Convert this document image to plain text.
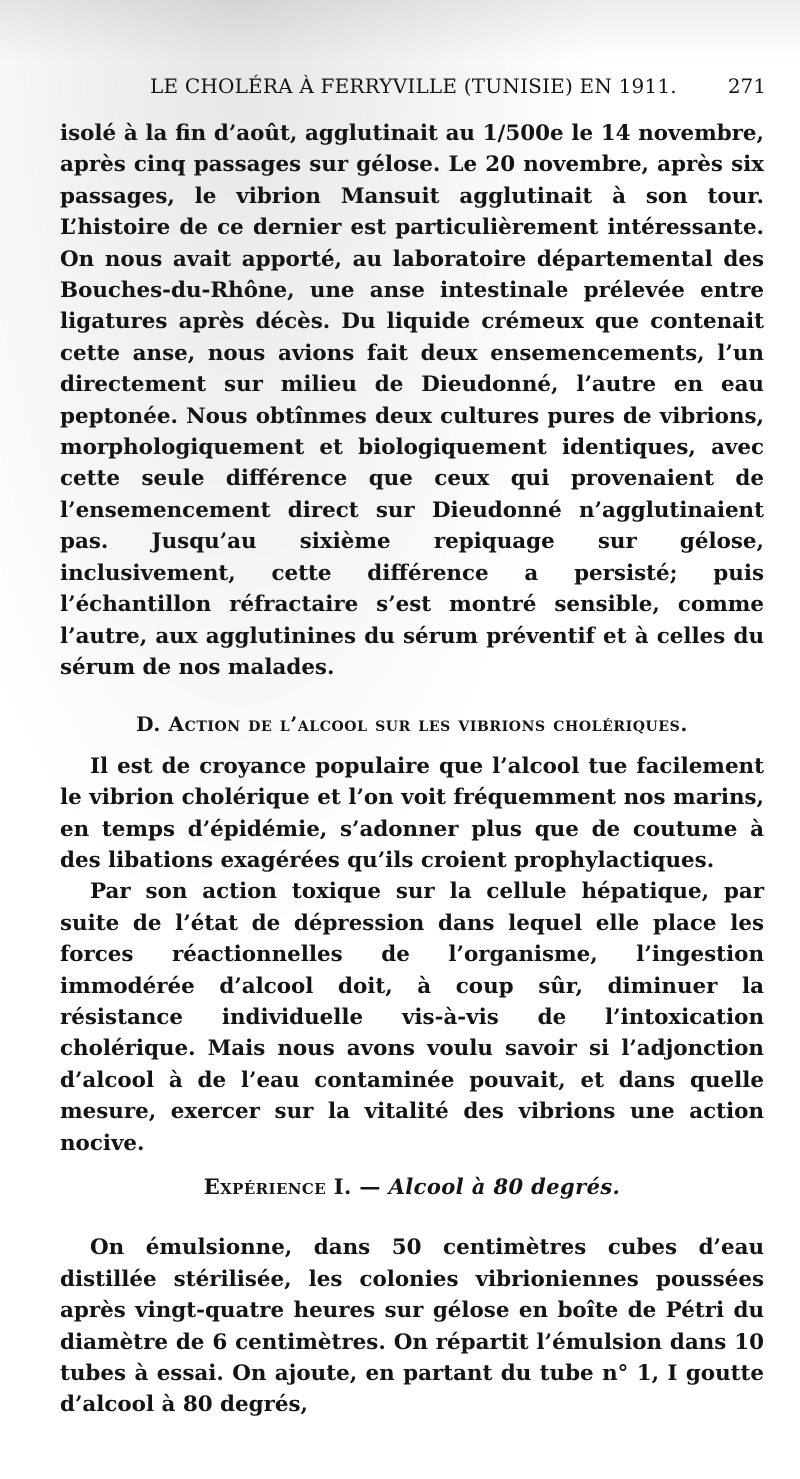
LE CHOLÉRA À FERRYVILLE (TUNISIE) EN 1911.	271

isolé à la fin d’août, agglutinait au 1/500e le 14 novembre, après cinq passages sur gélose. Le 20 novembre, après six passages, le vibrion Mansuit agglutinait à son tour. L’histoire de ce dernier est particulièrement intéressante. On nous avait apporté, au laboratoire départemental des Bouches-du-Rhône, une anse intestinale prélevée entre ligatures après décès. Du liquide crémeux que contenait cette anse, nous avions fait deux ensemencements, l’un directement sur milieu de Dieudonné, l’autre en eau peptonée. Nous obtînmes deux cultures pures de vibrions, morphologiquement et biologiquement identiques, avec cette seule différence que ceux qui provenaient de l’ensemencement direct sur Dieudonné n’agglutinaient pas. Jusqu’au sixième repiquage sur gélose, inclusivement, cette différence a persisté; puis l’échantillon réfractaire s’est montré sensible, comme l’autre, aux agglutinines du sérum préventif et à celles du sérum de nos malades.

D. Action de l’alcool sur les vibrions cholériques.

Il est de croyance populaire que l’alcool tue facilement le vibrion cholérique et l’on voit fréquemment nos marins, en temps d’épidémie, s’adonner plus que de coutume à des libations exagérées qu’ils croient prophylactiques.

Par son action toxique sur la cellule hépatique, par suite de l’état de dépression dans lequel elle place les forces réactionnelles de l’organisme, l’ingestion immodérée d’alcool doit, à coup sûr, diminuer la résistance individuelle vis-à-vis de l’intoxication cholérique. Mais nous avons voulu savoir si l’adjonction d’alcool à de l’eau contaminée pouvait, et dans quelle mesure, exercer sur la vitalité des vibrions une action nocive.

Expérience I. — Alcool à 80 degrés.

On émulsionne, dans 50 centimètres cubes d’eau distillée stérilisée, les colonies vibrioniennes poussées après vingt-quatre heures sur gélose en boîte de Pétri du diamètre de 6 centimètres. On répartit l’émulsion dans 10 tubes à essai. On ajoute, en partant du tube n° 1, I goutte d’alcool à 80 degrés,
